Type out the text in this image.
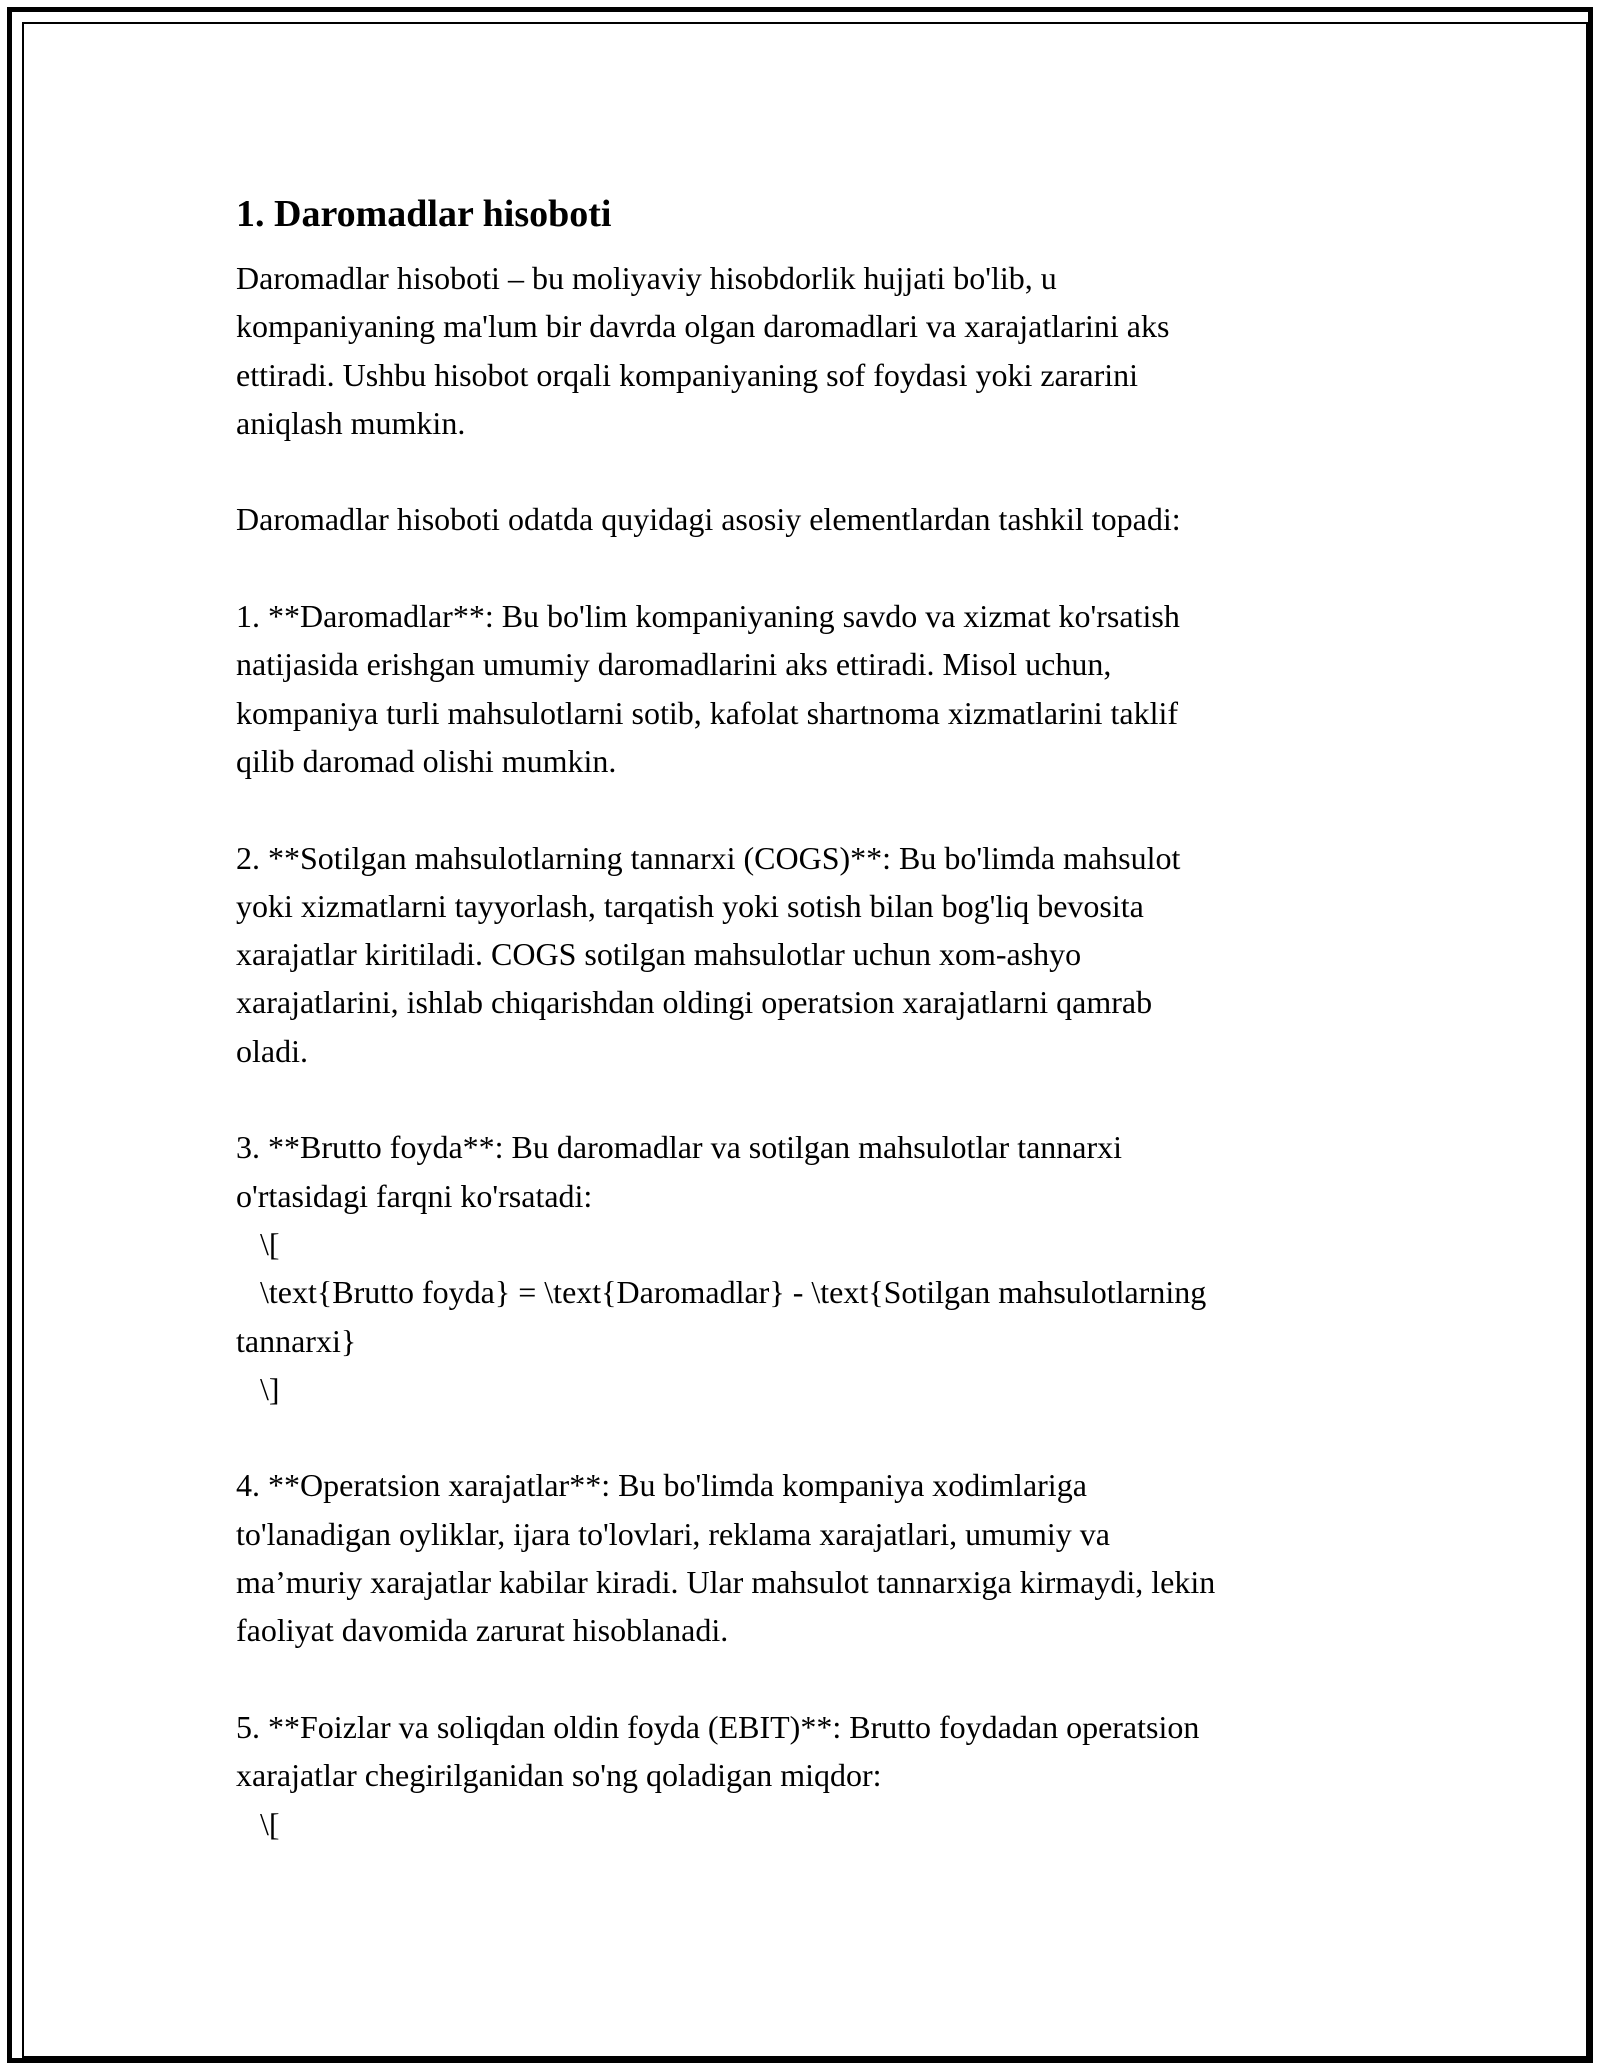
1. Daromadlar hisoboti
Daromadlar hisoboti – bu moliyaviy hisobdorlik hujjati bo'lib, u
kompaniyaning ma'lum bir davrda olgan daromadlari va xarajatlarini aks
ettiradi. Ushbu hisobot orqali kompaniyaning sof foydasi yoki zararini
aniqlash mumkin.
Daromadlar hisoboti odatda quyidagi asosiy elementlardan tashkil topadi:
1. **Daromadlar**: Bu bo'lim kompaniyaning savdo va xizmat ko'rsatish
natijasida erishgan umumiy daromadlarini aks ettiradi. Misol uchun,
kompaniya turli mahsulotlarni sotib, kafolat shartnoma xizmatlarini taklif
qilib daromad olishi mumkin.
2. **Sotilgan mahsulotlarning tannarxi (COGS)**: Bu bo'limda mahsulot
yoki xizmatlarni tayyorlash, tarqatish yoki sotish bilan bog'liq bevosita
xarajatlar kiritiladi. COGS sotilgan mahsulotlar uchun xom-ashyo
xarajatlarini, ishlab chiqarishdan oldingi operatsion xarajatlarni qamrab
oladi.
3. **Brutto foyda**: Bu daromadlar va sotilgan mahsulotlar tannarxi
o'rtasidagi farqni ko'rsatadi:
\[
\text{Brutto foyda} = \text{Daromadlar} - \text{Sotilgan mahsulotlarning
tannarxi}
\]
4. **Operatsion xarajatlar**: Bu bo'limda kompaniya xodimlariga
to'lanadigan oyliklar, ijara to'lovlari, reklama xarajatlari, umumiy va
ma’muriy xarajatlar kabilar kiradi. Ular mahsulot tannarxiga kirmaydi, lekin
faoliyat davomida zarurat hisoblanadi.
5. **Foizlar va soliqdan oldin foyda (EBIT)**: Brutto foydadan operatsion
xarajatlar chegirilganidan so'ng qoladigan miqdor:
\[
